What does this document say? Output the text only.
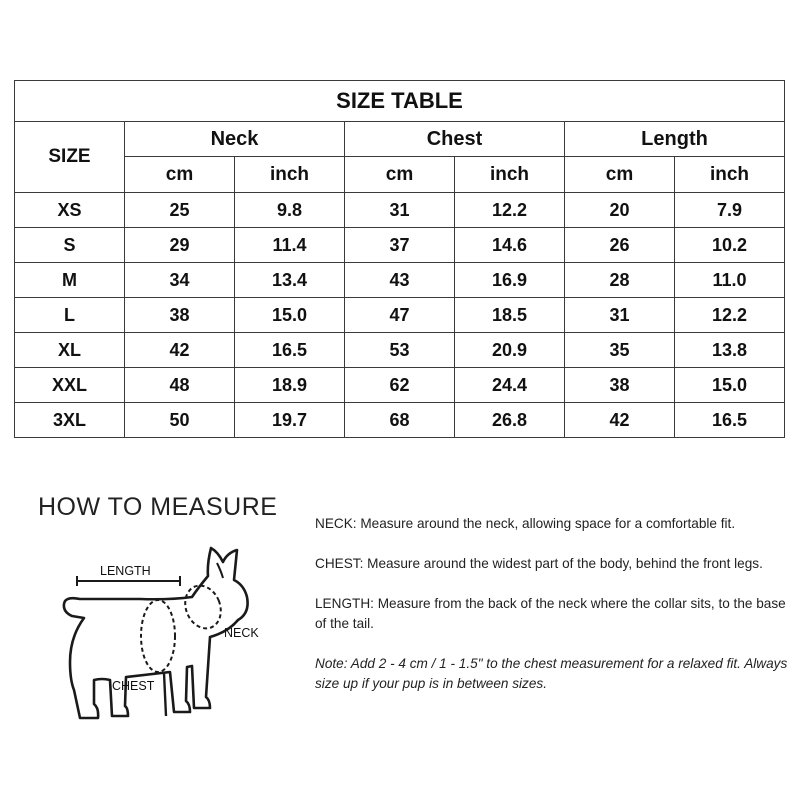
SIZE TABLE						
SIZE	Neck		Chest		Length	
	cm	inch	cm	inch	cm	inch
XS	25	9.8	31	12.2	20	7.9
S	29	11.4	37	14.6	26	10.2
M	34	13.4	43	16.9	28	11.0
L	38	15.0	47	18.5	31	12.2
XL	42	16.5	53	20.9	35	13.8
XXL	48	18.9	62	24.4	38	15.0
3XL	50	19.7	68	26.8	42	16.5
HOW TO MEASURE
LENGTH
CHEST
NECK

NECK: Measure around the neck, allowing space for a comfortable fit.

CHEST: Measure around the widest part of the body, behind the front legs.

LENGTH: Measure from the back of the neck where the collar sits, to the base of the tail.

Note: Add 2 - 4 cm / 1 - 1.5" to the chest measurement for a relaxed fit. Always size up if your pup is in between sizes.
